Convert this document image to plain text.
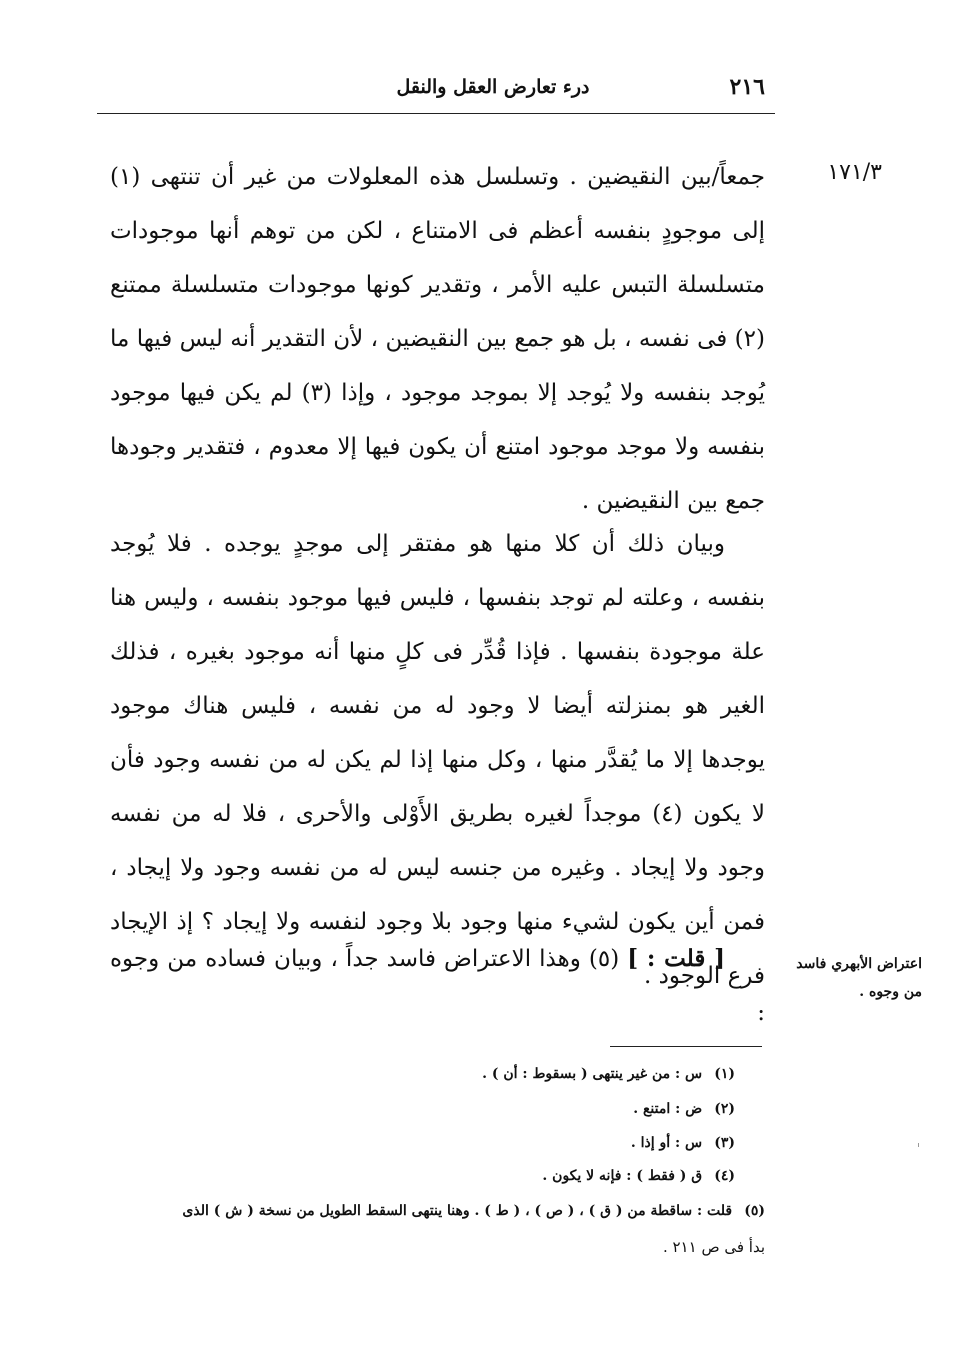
٢١٦
درء تعارض العقل والنقل
١٧١/٣
جمعاً/بين النقيضين . وتسلسل هذه المعلولات من غير أن تنتهى (١) إلى موجودٍ بنفسه أعظم فى الامتناع ، لكن من توهم أنها موجودات متسلسلة التبس عليه الأمر ، وتقدير كونها موجودات متسلسلة ممتنع (٢) فى نفسه ، بل هو جمع بين النقيضين ، لأن التقدير أنه ليس فيها ما يُوجد بنفسه ولا يُوجد إلا بموجد موجود ، وإذا (٣) لم يكن فيها موجود بنفسه ولا موجد موجود امتنع أن يكون فيها إلا معدوم ، فتقدير وجودها جمع بين النقيضين .
وبيان ذلك أن كلا منها هو مفتقر إلى موجدٍ يوجده . فلا يُوجد بنفسه ، وعلته لم توجد بنفسها ، فليس فيها موجود بنفسه ، وليس هنا علة موجودة بنفسها . فإذا قُدِّر فى كلٍ منها أنه موجود بغيره ، فذلك الغير هو بمنزلته أيضا لا وجود له من نفسه ، فليس هناك موجود يوجدها إلا ما يُقدَّر منها ، وكل منها إذا لم يكن له من نفسه وجود فأن لا يكون (٤) موجداً لغيره بطريق الأَوْلى والأحرى ، فلا له من نفسه وجود ولا إيجاد . وغيره من جنسه ليس له من نفسه وجود ولا إيجاد ، فمن أين يكون لشيء منها وجود بلا وجود لنفسه ولا إيجاد ؟ إذ الإيجاد فرع الوجود .
[ قلت : ] (٥) وهذا الاعتراض فاسد جداً ، وبيان فساده من وجوه :
اعتراض الأبهري فاسد من وجوه .
(١) س : من غير ينتهى ( بسقوط : أن ) .
(٢) ض : امتنع .
(٣) س : أو إذا .
(٤) ق ( فقط ) : فإنه لا يكون .
(٥) قلت : ساقطة من ( ق ) ، ( ص ) ، ( ط ) . وهنا ينتهى السقط الطويل من نسخة ( ش ) الذى
بدأ فى ص ٢١١ .
